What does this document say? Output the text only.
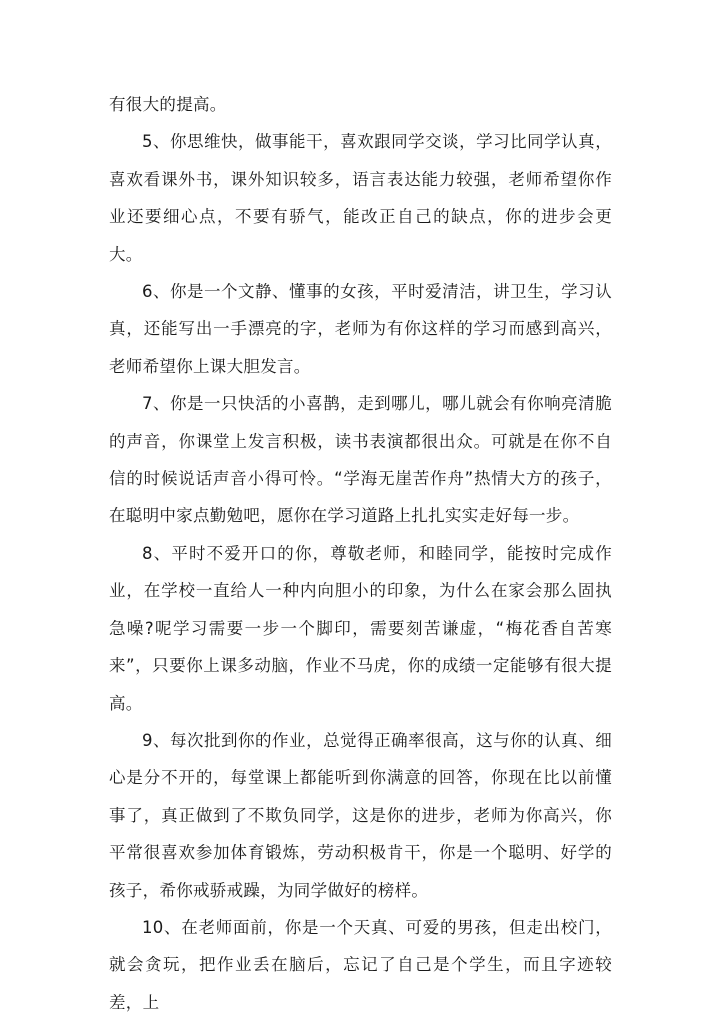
有很大的提高。

5、你思维快，做事能干，喜欢跟同学交谈，学习比同学认真，喜欢看课外书，课外知识较多，语言表达能力较强，老师希望你作业还要细心点，不要有骄气，能改正自己的缺点，你的进步会更大。

6、你是一个文静、懂事的女孩，平时爱清洁，讲卫生，学习认真，还能写出一手漂亮的字，老师为有你这样的学习而感到高兴，老师希望你上课大胆发言。

7、你是一只快活的小喜鹊，走到哪儿，哪儿就会有你响亮清脆的声音，你课堂上发言积极，读书表演都很出众。可就是在你不自信的时候说话声音小得可怜。“学海无崖苦作舟”热情大方的孩子，在聪明中家点勤勉吧，愿你在学习道路上扎扎实实走好每一步。

8、平时不爱开口的你，尊敬老师，和睦同学，能按时完成作业，在学校一直给人一种内向胆小的印象，为什么在家会那么固执急噪?呢学习需要一步一个脚印，需要刻苦谦虚，“梅花香自苦寒来”，只要你上课多动脑，作业不马虎，你的成绩一定能够有很大提高。

9、每次批到你的作业，总觉得正确率很高，这与你的认真、细心是分不开的，每堂课上都能听到你满意的回答，你现在比以前懂事了，真正做到了不欺负同学，这是你的进步，老师为你高兴，你平常很喜欢参加体育锻炼，劳动积极肯干，你是一个聪明、好学的孩子，希你戒骄戒躁，为同学做好的榜样。

10、在老师面前，你是一个天真、可爱的男孩，但走出校门，就会贪玩，把作业丢在脑后，忘记了自己是个学生，而且字迹较差，上
